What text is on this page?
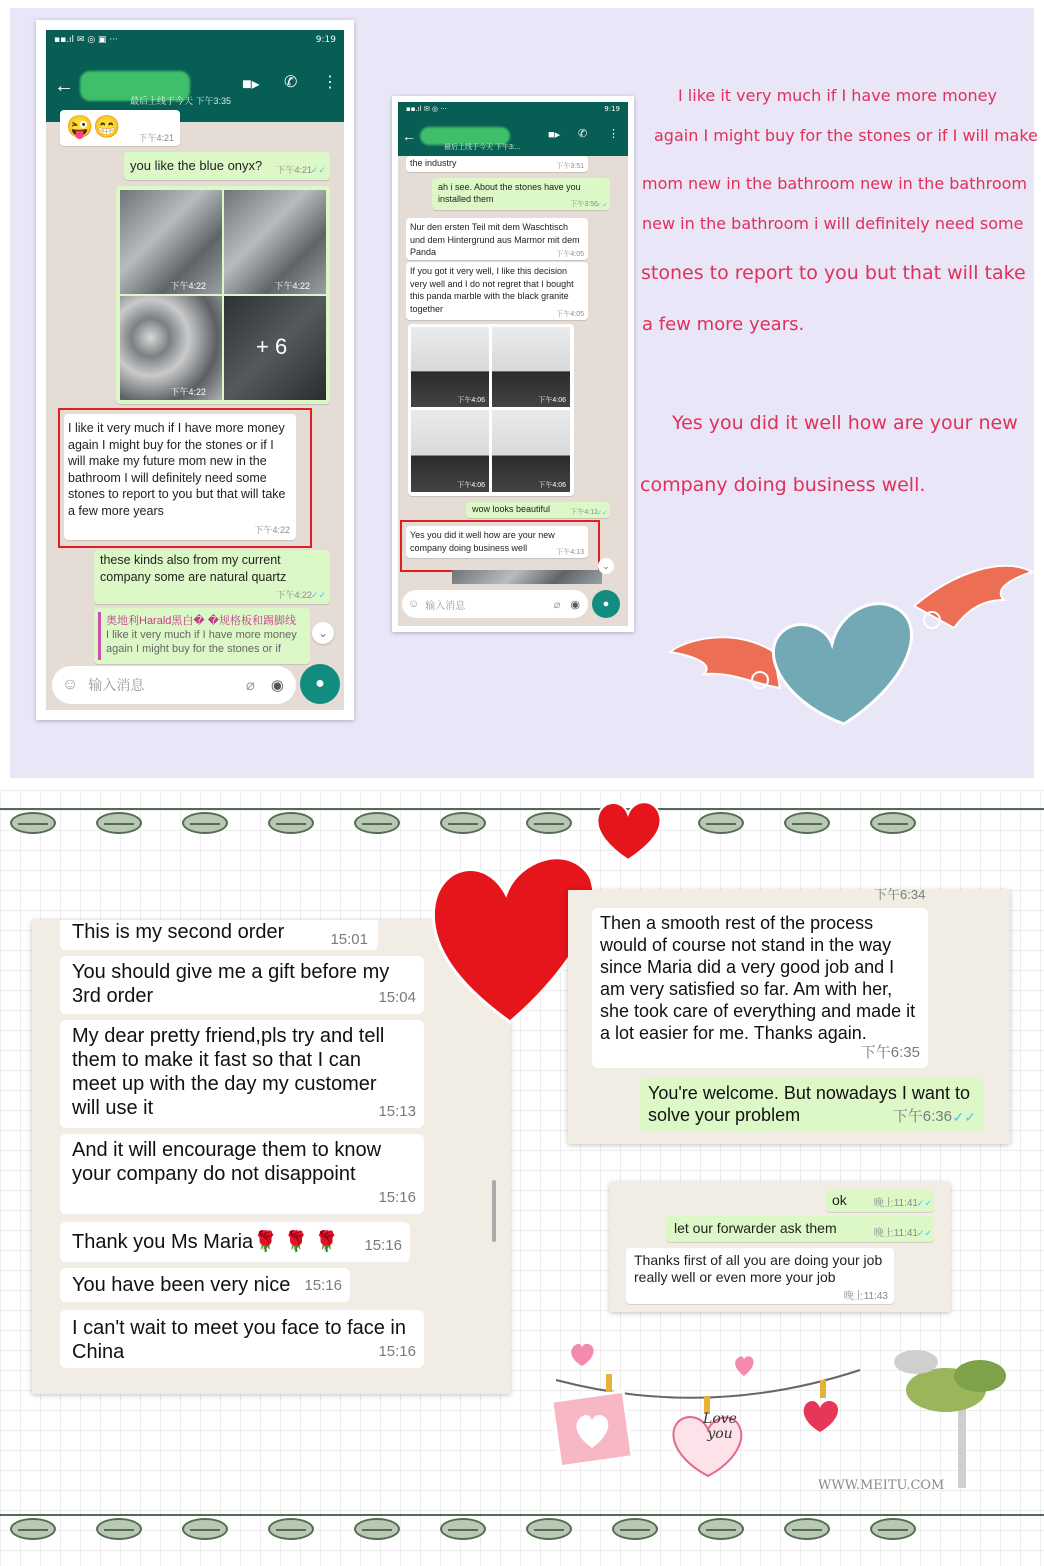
▪▪.ıl ✉ ◎ ▣ ···	9:19
←
最后上线于今天 下午3:35
■▸ ✆ ⋮
😜😁 下午4:21
you like the blue onyx? 下午4:21
✓✓
下午4:22	下午4:22
下午4:22
+ 6
I like it very much if I have more money again I might buy for the stones or if I will make my future mom new in the bathroom I will definitely need some stones to report to you but that will take a few more years
下午4:22
these kinds also from my current company some are natural quartz
下午4:22
✓✓
奥地利Harald黑白� �规格板和踢脚线
I like it very much if I have more money again I might buy for the stones or if
⌄
☺ 输入消息	⌀ ◉ ●
▪▪.ıl ✉ ◎ ···	9:19
←
最后上线于今天 下午3:...
■▸ ✆ ⋮
the industry	下午3:51
ah i see. About the stones have you installed them
下午3:56
✓✓
Nur den ersten Teil mit dem Waschtisch und dem Hintergrund aus Marmor mit dem Panda	下午4:05
If you got it very well, I like this decision very well and I do not regret that I bought this panda marble with the black granite together
下午4:05
下午4:06	下午4:06
下午4:06	下午4:06
wow looks beautiful	下午4:12
✓✓
Yes you did it well how are your new company doing business well	下午4:13
⌄
☺ 输入消息	⌀ ◉ ●
I like it very much if I have more money
again I might buy for the stones or if I will make
mom new in the bathroom new in the bathroom
new in the bathroom i will definitely need some
stones to report to you but that will take
a few more years.
Yes you did it well how are your new
company doing business well.
This is my second order	15:01
You should give me a gift before my 3rd order	15:04
My dear pretty friend,pls try and tell them to make it fast so that I can meet up with the day my customer will use it	15:13
And it will encourage them to know your company do not disappoint
15:16
Thank you Ms Maria🌹 🌹 🌹 15:16
You have been very nice 15:16
I can't wait to meet you face to face in China	15:16
下午6:34
Then a smooth rest of the process would of course not stand in the way since Maria did a very good job and I am very satisfied so far. Am with her, she took care of everything and made it a lot easier for me. Thanks again.
下午6:35
You're welcome. But nowadays I want to solve your problem	下午6:36 ✓✓
ok	晚上11:41
✓✓
let our forwarder ask them	晚上11:41
✓✓
Thanks first of all you are doing your job really well or even more your job
晚上11:43
Love you
WWW.MEITU.COM
